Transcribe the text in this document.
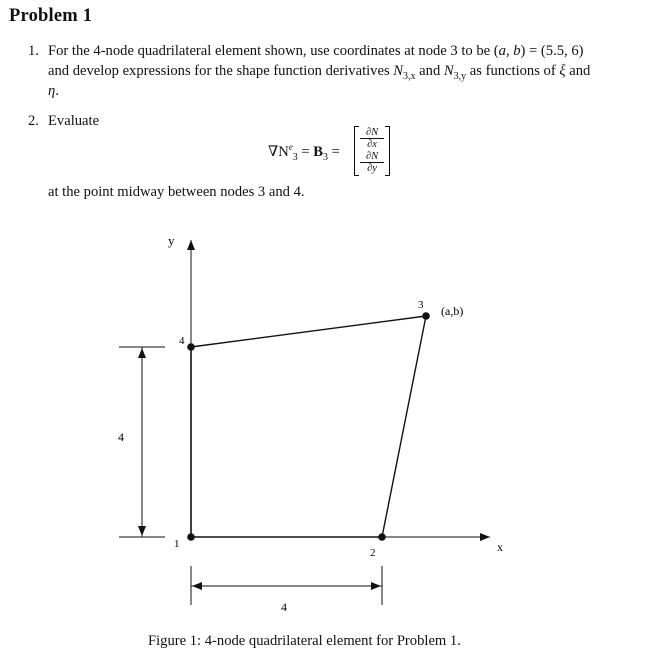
Problem 1
1. For the 4-node quadrilateral element shown, use coordinates at node 3 to be (a, b) = (5.5, 6)
and develop expressions for the shape function derivatives $N_{3,x}$ and $N_{3,y}$ as functions of ξ and
η.
2. Evaluate
$\nabla N^e_3 = B_3$ =
$\frac{\partial N}{\partial x}$
$\frac{\partial N}{\partial y}$
at the point midway between nodes 3 and 4.
y
x
1
2
3
4
(a,b)
4
4
Figure 1: 4-node quadrilateral element for Problem 1.
